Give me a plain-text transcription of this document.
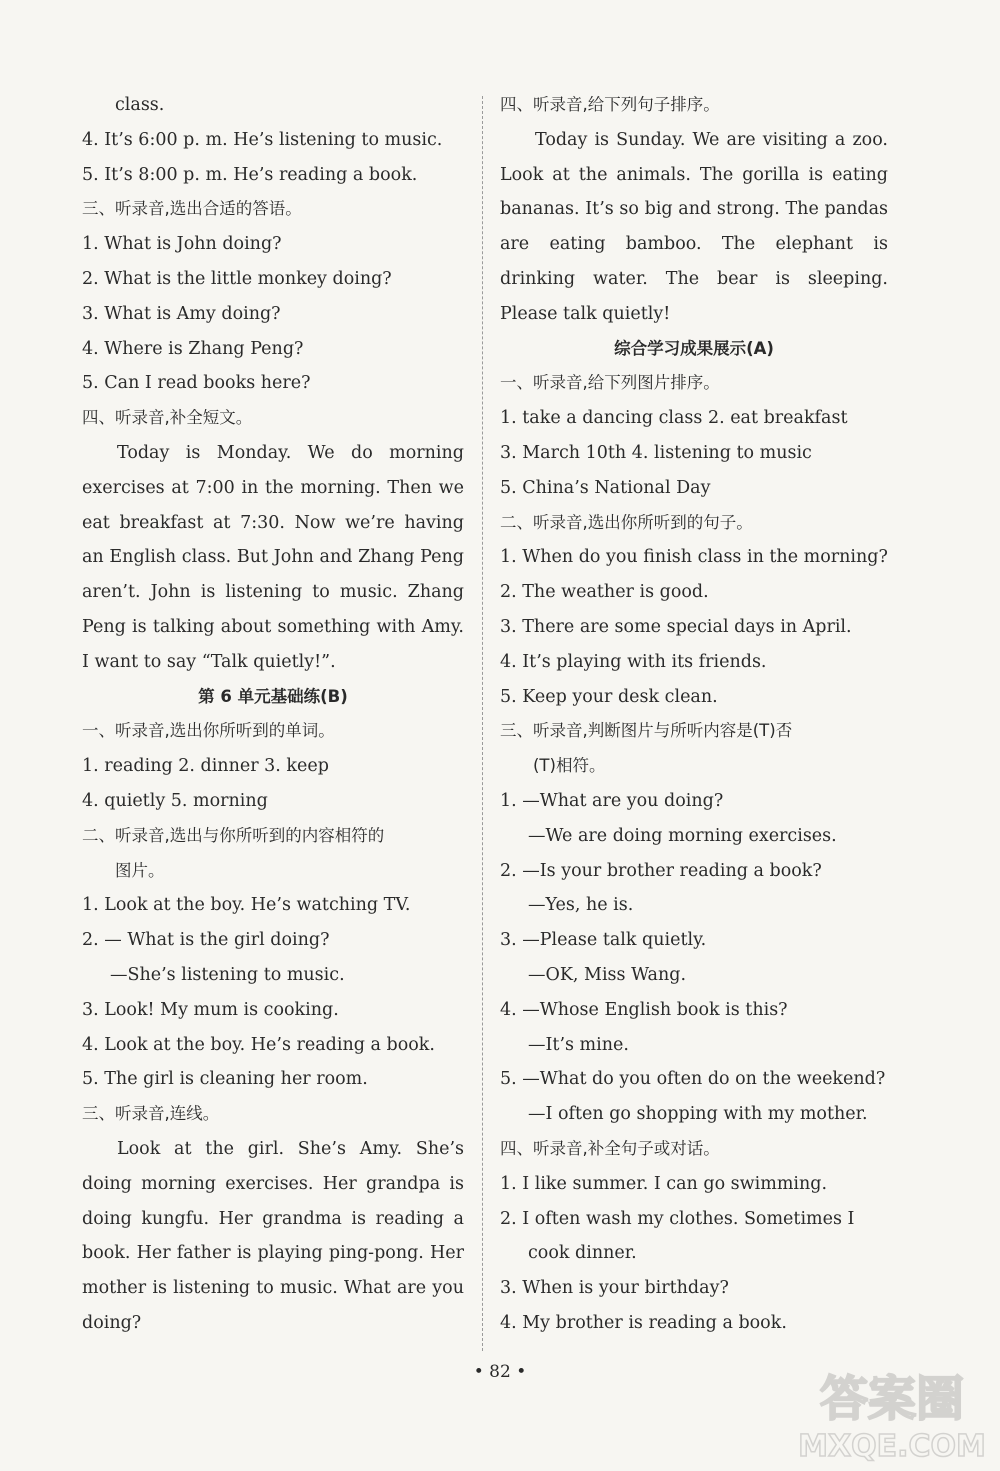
class.
4. It’s 6:00 p. m. He’s listening to music.
5. It’s 8:00 p. m. He’s reading a book.
三、听录音,选出合适的答语。
1. What is John doing?
2. What is the little monkey doing?
3. What is Amy doing?
4. Where is Zhang Peng?
5. Can I read books here?
四、听录音,补全短文。
Today is Monday. We do morning exercises at 7:00 in the morning. Then we eat breakfast at 7:30. Now we’re having an English class. But John and Zhang Peng aren’t. John is listening to music. Zhang Peng is talking about something with Amy. I want to say “Talk quietly!”.
第 6 单元基础练(B)
一、听录音,选出你所听到的单词。
1. reading 2. dinner 3. keep
4. quietly 5. morning
二、听录音,选出与你所听到的内容相符的
图片。
1. Look at the boy. He’s watching TV.
2. — What is the girl doing?
—She’s listening to music.
3. Look! My mum is cooking.
4. Look at the boy. He’s reading a book.
5. The girl is cleaning her room.
三、听录音,连线。
Look at the girl. She’s Amy. She’s doing morning exercises. Her grandpa is doing kungfu. Her grandma is reading a book. Her father is playing ping-pong. Her mother is listening to music. What are you doing?
四、听录音,给下列句子排序。
Today is Sunday. We are visiting a zoo. Look at the animals. The gorilla is eating bananas. It’s so big and strong. The pandas are eating bamboo. The elephant is drinking water. The bear is sleeping. Please talk quietly!
综合学习成果展示(A)
一、听录音,给下列图片排序。
1. take a dancing class 2. eat breakfast
3. March 10th 4. listening to music
5. China’s National Day
二、听录音,选出你所听到的句子。
1. When do you finish class in the morning?
2. The weather is good.
3. There are some special days in April.
4. It’s playing with its friends.
5. Keep your desk clean.
三、听录音,判断图片与所听内容是(T)否
(T)相符。
1. —What are you doing?
—We are doing morning exercises.
2. —Is your brother reading a book?
—Yes, he is.
3. —Please talk quietly.
—OK, Miss Wang.
4. —Whose English book is this?
—It’s mine.
5. —What do you often do on the weekend?
—I often go shopping with my mother.
四、听录音,补全句子或对话。
1. I like summer. I can go swimming.
2. I often wash my clothes. Sometimes I
cook dinner.
3. When is your birthday?
4. My brother is reading a book.
• 82 •	答案圈
MXQE.COM
